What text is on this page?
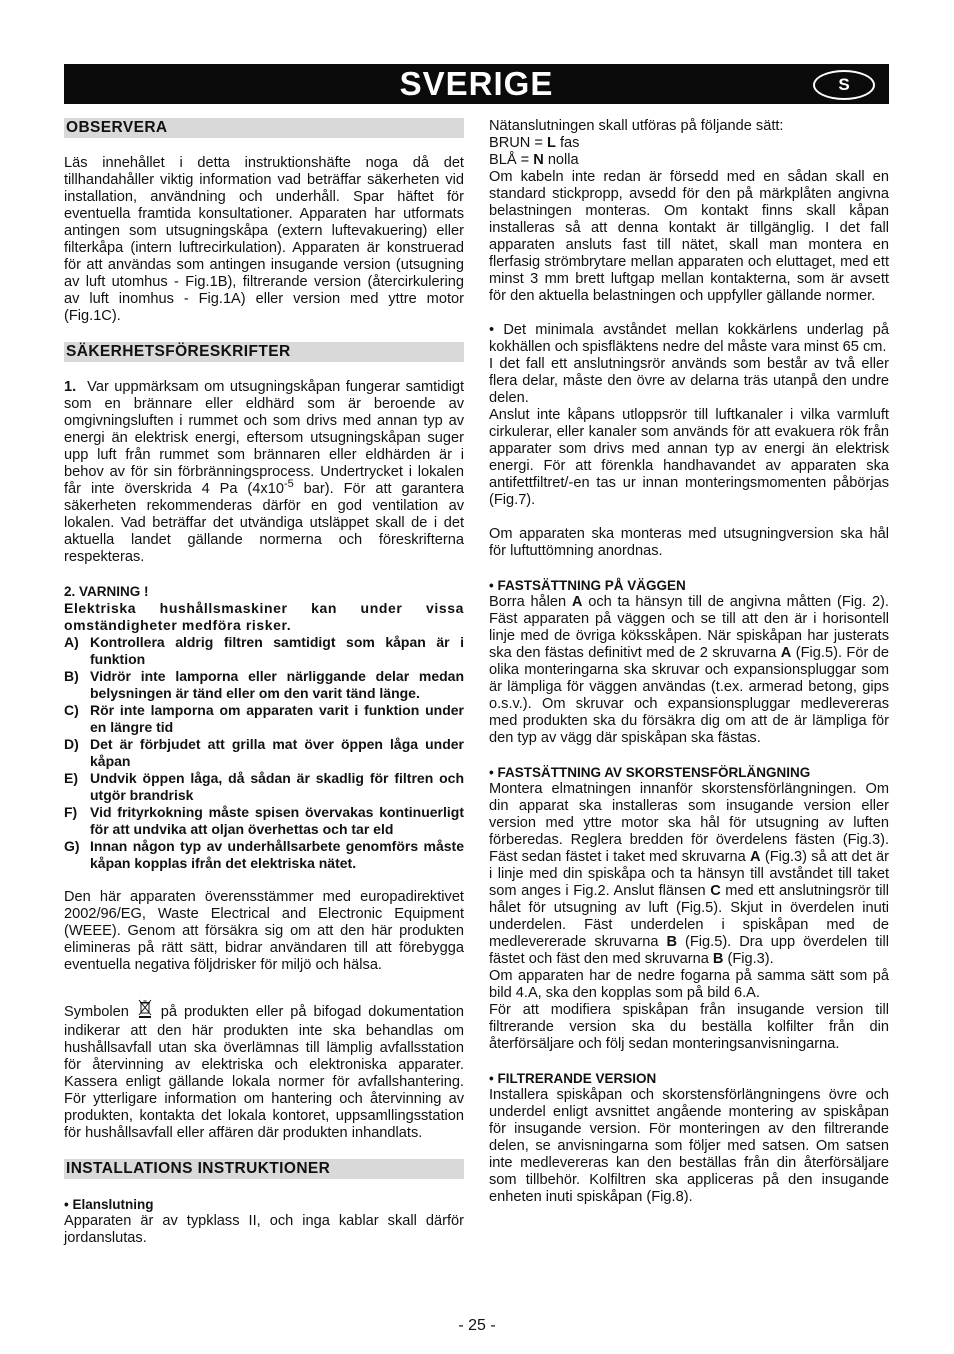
SVERIGE	S
OBSERVERA

Läs innehållet i detta instruktionshäfte noga då det tillhandahåller viktig information vad beträffar säkerheten vid installation, användning och underhåll. Spar häftet för eventuella framtida konsultationer. Apparaten har utformats antingen som utsugningskåpa (extern luftevakuering) eller filterkåpa (intern luftrecirkulation). Apparaten är konstruerad för att användas som antingen insugande version (utsugning av luft utomhus - Fig.1B), filtrerande version (återcirkulering av luft inomhus - Fig.1A) eller version med yttre motor (Fig.1C).

SÄKERHETSFÖRESKRIFTER

1. Var uppmärksam om utsugningskåpan fungerar samtidigt som en brännare eller eldhärd som är beroende av omgivningsluften i rummet och som drivs med annan typ av energi än elektrisk energi, eftersom utsugningskåpan suger upp luft från rummet som brännaren eller eldhärden är i behov av för sin förbränningsprocess. Undertrycket i lokalen får inte överskrida 4 Pa ($4x10^{-5}$ bar). För att garantera säkerheten rekommenderas därför en god ventilation av lokalen. Vad beträffar det utvändiga utsläppet skall de i det aktuella landet gällande normerna och föreskrifterna respekteras.

2. VARNING !

Elektriska hushållsmaskiner kan under vissa omständigheter medföra risker.

A) Kontrollera aldrig filtren samtidigt som kåpan är i funktion
B) Vidrör inte lamporna eller närliggande delar medan belysningen är tänd eller om den varit tänd länge.
C) Rör inte lamporna om apparaten varit i funktion under en längre tid
D) Det är förbjudet att grilla mat över öppen låga under kåpan
E) Undvik öppen låga, då sådan är skadlig för filtren och utgör brandrisk
F) Vid frityrkokning måste spisen övervakas kontinuerligt för att undvika att oljan överhettas och tar eld
G) Innan någon typ av underhållsarbete genomförs måste kåpan kopplas ifrån det elektriska nätet.

Den här apparaten överensstämmer med europadirektivet 2002/96/EG, Waste Electrical and Electronic Equipment (WEEE). Genom att försäkra sig om att den här produkten elimineras på rätt sätt, bidrar användaren till att förebygga eventuella negativa följdrisker för miljö och hälsa.

Symbolen på produkten eller på bifogad dokumentation indikerar att den här produkten inte ska behandlas om hushållsavfall utan ska överlämnas till lämplig avfallsstation för återvinning av elektriska och elektroniska apparater. Kassera enligt gällande lokala normer för avfallshantering. För ytterligare information om hantering och återvinning av produkten, kontakta det lokala kontoret, uppsamllingsstation för hushållsavfall eller affären där produkten inhandlats.

INSTALLATIONS INSTRUKTIONER

• Elanslutning

Apparaten är av typklass II, och inga kablar skall därför jordanslutas.

Nätanslutningen skall utföras på följande sätt:

BRUN = L fas

BLÅ = N nolla

Om kabeln inte redan är försedd med en sådan skall en standard stickpropp, avsedd för den på märkplåten angivna belastningen monteras. Om kontakt finns skall kåpan installeras så att denna kontakt är tillgänglig. I det fall apparaten ansluts fast till nätet, skall man montera en flerfasig strömbrytare mellan apparaten och eluttaget, med ett minst 3 mm brett luftgap mellan kontakterna, som är avsett för den aktuella belastningen och uppfyller gällande normer.

• Det minimala avståndet mellan kokkärlens underlag på kokhällen och spisfläktens nedre del måste vara minst 65 cm.

I det fall ett anslutningsrör används som består av två eller flera delar, måste den övre av delarna träs utanpå den undre delen.

Anslut inte kåpans utloppsrör till luftkanaler i vilka varmluft cirkulerar, eller kanaler som används för att evakuera rök från apparater som drivs med annan typ av energi än elektrisk energi. För att förenkla handhavandet av apparaten ska antifettfiltret/-en tas ur innan monteringsmomenten påbörjas (Fig.7).

Om apparaten ska monteras med utsugningversion ska hål för luftuttömning anordnas.

• FASTSÄTTNING PÅ VÄGGEN

Borra hålen A och ta hänsyn till de angivna måtten (Fig. 2). Fäst apparaten på väggen och se till att den är i horisontell linje med de övriga köksskåpen. När spiskåpan har justerats ska den fästas definitivt med de 2 skruvarna A (Fig.5). För de olika monteringarna ska skruvar och expansionspluggar som är lämpliga för väggen användas (t.ex. armerad betong, gips o.s.v.). Om skruvar och expansionspluggar medlevereras med produkten ska du försäkra dig om att de är lämpliga för den typ av vägg där spiskåpan ska fästas.

• FASTSÄTTNING AV SKORSTENSFÖRLÄNGNING

Montera elmatningen innanför skorstensförlängningen. Om din apparat ska installeras som insugande version eller version med yttre motor ska hål för utsugning av luften förberedas. Reglera bredden för överdelens fästen (Fig.3). Fäst sedan fästet i taket med skruvarna A (Fig.3) så att det är i linje med din spiskåpa och ta hänsyn till avståndet till taket som anges i Fig.2. Anslut flänsen C med ett anslutningsrör till hålet för utsugning av luft (Fig.5). Skjut in överdelen inuti underdelen. Fäst underdelen i spiskåpan med de medlevererade skruvarna B (Fig.5). Dra upp överdelen till fästet och fäst den med skruvarna B (Fig.3).

Om apparaten har de nedre fogarna på samma sätt som på bild 4.A, ska den kopplas som på bild 6.A.

För att modifiera spiskåpan från insugande version till filtrerande version ska du beställa kolfilter från din återförsäljare och följ sedan monteringsanvisningarna.

• FILTRERANDE VERSION

Installera spiskåpan och skorstensförlängningens övre och underdel enligt avsnittet angående montering av spiskåpan för insugande version. För monteringen av den filtrerande delen, se anvisningarna som följer med satsen. Om satsen inte medlevereras kan den beställas från din återförsäljare som tillbehör. Kolfiltren ska appliceras på den insugande enheten inuti spiskåpan (Fig.8).

- 25 -
